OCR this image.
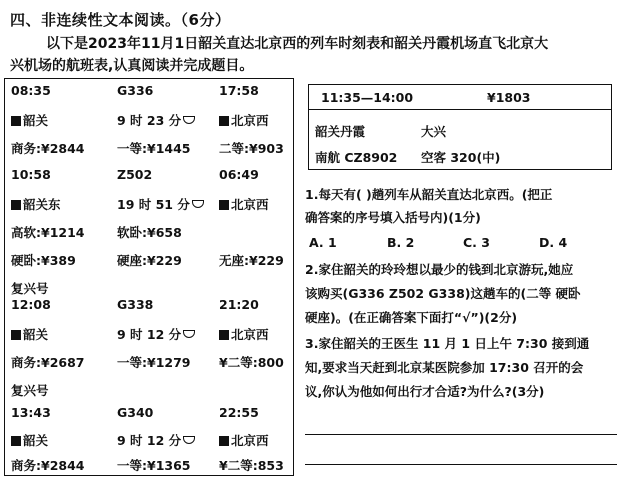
四、非连续性文本阅读。（6分）
以下是2023年11月1日韶关直达北京西的列车时刻表和韶关丹霞机场直飞北京大
兴机场的航班表,认真阅读并完成题目。
08:35	G336	17:58
韶关	9 时 23 分	北京西
商务:¥2844	一等:¥1445 二等:¥903
10:58	Z502	06:49
韶关东	19 时 51 分	北京西
高软:¥1214	软卧:¥658
硬卧:¥389	硬座:¥229	无座:¥229
复兴号
12:08	G338	21:20
韶关	9 时 12 分	北京西
商务:¥2687	一等:¥1279 ¥二等:800
复兴号
13:43	G340	22:55
韶关	9 时 12 分	北京西
商务:¥2844	一等:¥1365 ¥二等:853
11:35—14:00	¥1803
韶关丹霞	大兴
南航 CZ8902 空客 320(中)
1.每天有( )趟列车从韶关直达北京西。(把正
确答案的序号填入括号内)(1分)
A. 1	B. 2	C. 3	D. 4
2.家住韶关的玲玲想以最少的钱到北京游玩,她应
该购买(G336 Z502 G338)这趟车的(二等 硬卧
硬座)。(在正确答案下面打“√”)(2分)
3.家住韶关的王医生 11 月 1 日上午 7:30 接到通
知,要求当天赶到北京某医院参加 17:30 召开的会
议,你认为他如何出行才合适?为什么?(3分)
